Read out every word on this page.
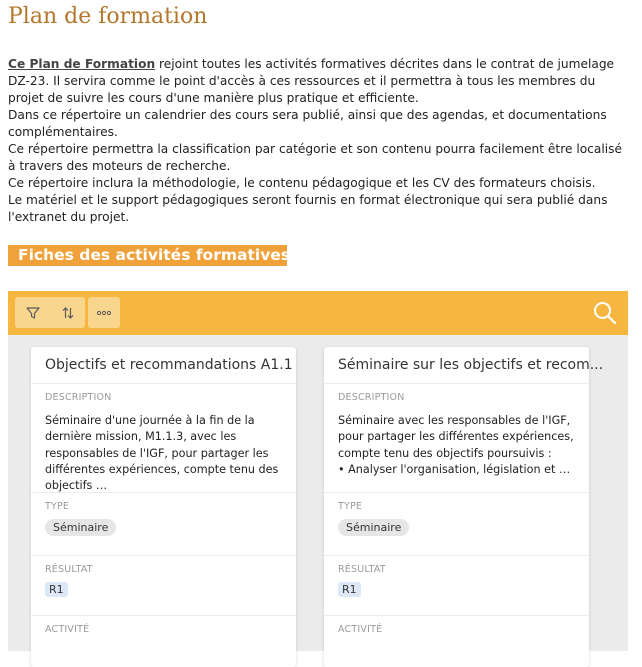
Plan de formation

Ce Plan de Formation rejoint toutes les activités formatives décrites dans le contrat de jumelage DZ-23. Il servira comme le point d'accès à ces ressources et il permettra à tous les membres du projet de suivre les cours d'une manière plus pratique et efficiente.

Dans ce répertoire un calendrier des cours sera publié, ainsi que des agendas, et documentations complémentaires.

Ce répertoire permettra la classification par catégorie et son contenu pourra facilement être localisé à travers des moteurs de recherche.

Ce répertoire inclura la méthodologie, le contenu pédagogique et les CV des formateurs choisis.

Le matériel et le support pédagogiques seront fournis en format électronique qui sera publié dans l'extranet du projet.

Fiches des activités formatives
Objectifs et recommandations A1.1
DESCRIPTION
Séminaire d'une journée à la fin de la dernière mission, M1.1.3, avec les responsables de l'IGF, pour partager les différentes expériences, compte tenu des objectifs …
TYPE
Séminaire
RÉSULTAT
R1
ACTIVITÉ
Séminaire sur les objectifs et recom...
DESCRIPTION
Séminaire avec les responsables de l'IGF, pour partager les différentes expériences, compte tenu des objectifs poursuivis :
• Analyser l'organisation, législation et …
TYPE
Séminaire
RÉSULTAT
R1
ACTIVITÉ
